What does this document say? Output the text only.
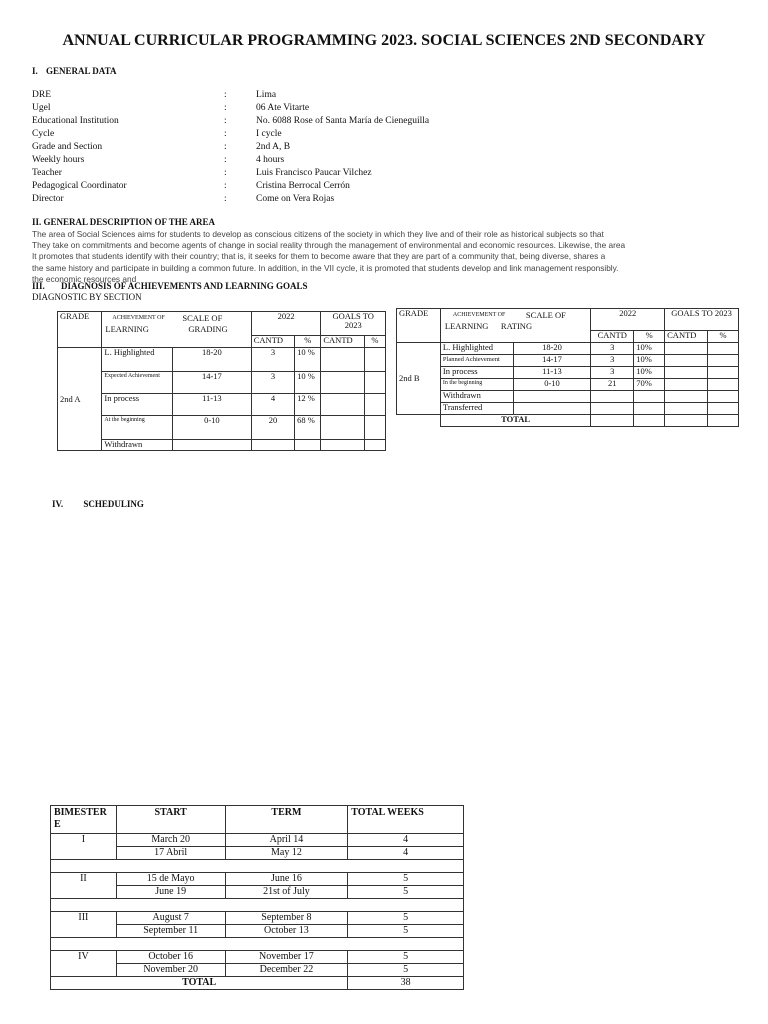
ANNUAL CURRICULAR PROGRAMMING 2023. SOCIAL SCIENCES 2ND SECONDARY
I. GENERAL DATA
DRE	:	Lima
Ugel	:	06 Ate Vitarte
Educational Institution	:	No. 6088 Rose of Santa María de Cieneguilla
Cycle	:	I cycle
Grade and Section	:	2nd A, B
Weekly hours	:	4 hours
Teacher	:	Luis Francisco Paucar Vilchez
Pedagogical Coordinator	:	Cristina Berrocal Cerrón
Director	:	Come on Vera Rojas
II. GENERAL DESCRIPTION OF THE AREA
The area of Social Sciences aims for students to develop as conscious citizens of the society in which they live and of their role as historical subjects so that
They take on commitments and become agents of change in social reality through the management of environmental and economic resources. Likewise, the area
It promotes that students identify with their country; that is, it seeks for them to become aware that they are part of a community that, being diverse, shares a
the same history and participate in building a common future. In addition, in the VII cycle, it is promoted that students develop and link management responsibly.
the economic resources and
III. DIAGNOSIS OF ACHIEVEMENTS AND LEARNING GOALS
DIAGNOSTIC BY SECTION
GRADE	ACHIEVEMENT OF SCALE OF
LEARNING GRADING		2022		GOALS TO 2023	
			CANTD	%	CANTD	%
2nd A	L. Highlighted	18-20	3	10 %		
	Expected Achievement	14-17	3	10 %		
	In process	11-13	4	12 %		
	At the beginning	0-10	20	68 %		
	Withdrawn					
GRADE	ACHIEVEMENT OF SCALE OF
LEARNING RATING		2022		GOALS TO 2023	
			CANTD	%	CANTD	%
2nd B	L. Highlighted	18-20	3	10%		
	Planned Achievement	14-17	3	10%		
	In process	11-13	3	10%		
	In the beginning	0-10	21	70%		
	Withdrawn					
	Transferred					
	TOTAL					
IV. SCHEDULING
BIMESTER E	START	TERM	TOTAL WEEKS
I	March 20	April 14	4
	17 Abril	May 12	4

II	15 de Mayo	June 16	5
	June 19	21st of July	5

III	August 7	September 8	5
	September 11	October 13	5

IV	October 16	November 17	5
	November 20	December 22	5
TOTAL			38
